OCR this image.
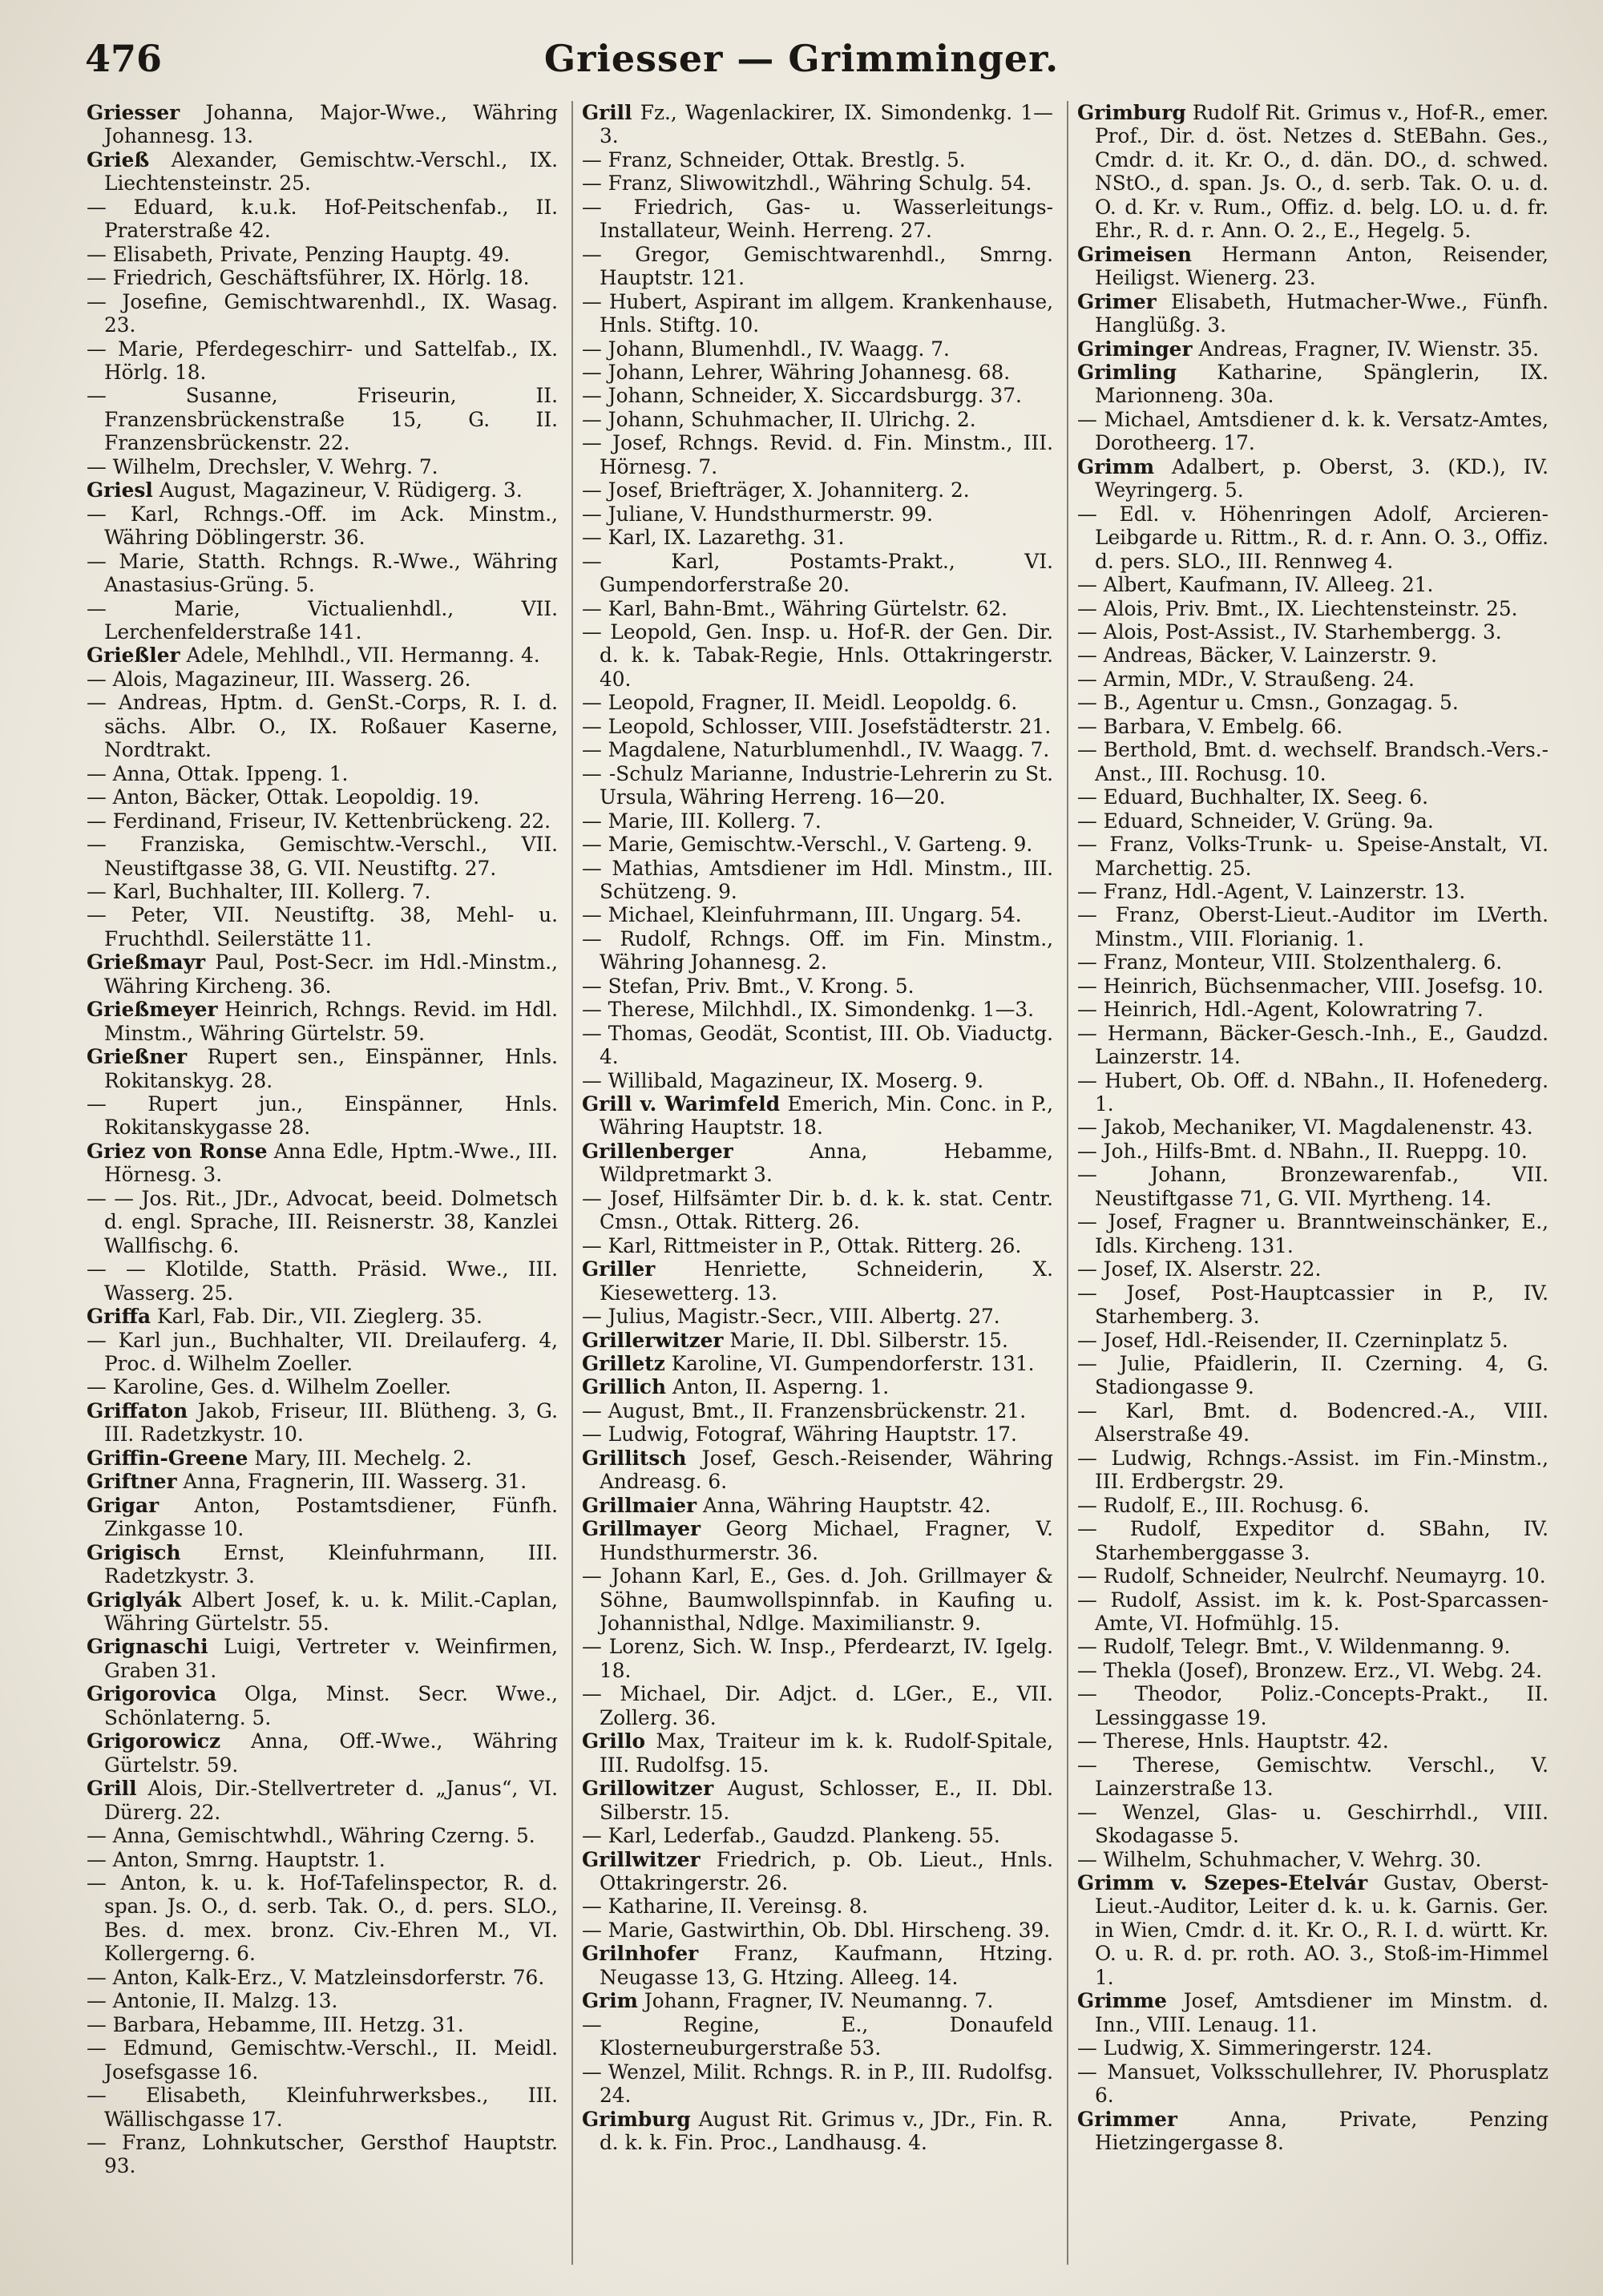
476	Griesser — Grimminger.

Griesser Johanna, Major-Wwe., Währing Johannesg. 13.

Grieß Alexander, Gemischtw.-Verschl., IX. Liechtensteinstr. 25.

— Eduard, k.u.k. Hof-Peitschenfab., II. Praterstraße 42.

— Elisabeth, Private, Penzing Hauptg. 49.

— Friedrich, Geschäftsführer, IX. Hörlg. 18.

— Josefine, Gemischtwarenhdl., IX. Wasag. 23.

— Marie, Pferdegeschirr- und Sattelfab., IX. Hörlg. 18.

— Susanne, Friseurin, II. Franzensbrückenstraße 15, G. II. Franzensbrückenstr. 22.

— Wilhelm, Drechsler, V. Wehrg. 7.

Griesl August, Magazineur, V. Rüdigerg. 3.

— Karl, Rchngs.-Off. im Ack. Minstm., Währing Döblingerstr. 36.

— Marie, Statth. Rchngs. R.-Wwe., Währing Anastasius-Grüng. 5.

— Marie, Victualienhdl., VII. Lerchenfelderstraße 141.

Grießler Adele, Mehlhdl., VII. Hermanng. 4.

— Alois, Magazineur, III. Wasserg. 26.

— Andreas, Hptm. d. GenSt.-Corps, R. I. d. sächs. Albr. O., IX. Roßauer Kaserne, Nordtrakt.

— Anna, Ottak. Ippeng. 1.

— Anton, Bäcker, Ottak. Leopoldig. 19.

— Ferdinand, Friseur, IV. Kettenbrückeng. 22.

— Franziska, Gemischtw.-Verschl., VII. Neustiftgasse 38, G. VII. Neustiftg. 27.

— Karl, Buchhalter, III. Kollerg. 7.

— Peter, VII. Neustiftg. 38, Mehl- u. Fruchthdl. Seilerstätte 11.

Grießmayr Paul, Post-Secr. im Hdl.-Minstm., Währing Kircheng. 36.

Grießmeyer Heinrich, Rchngs. Revid. im Hdl. Minstm., Währing Gürtelstr. 59.

Grießner Rupert sen., Einspänner, Hnls. Rokitanskyg. 28.

— Rupert jun., Einspänner, Hnls. Rokitanskygasse 28.

Griez von Ronse Anna Edle, Hptm.-Wwe., III. Hörnesg. 3.

— — Jos. Rit., JDr., Advocat, beeid. Dolmetsch d. engl. Sprache, III. Reisnerstr. 38, Kanzlei Wallfischg. 6.

— — Klotilde, Statth. Präsid. Wwe., III. Wasserg. 25.

Griffa Karl, Fab. Dir., VII. Zieglerg. 35.

— Karl jun., Buchhalter, VII. Dreilauferg. 4, Proc. d. Wilhelm Zoeller.

— Karoline, Ges. d. Wilhelm Zoeller.

Griffaton Jakob, Friseur, III. Blütheng. 3, G. III. Radetzkystr. 10.

Griffin-Greene Mary, III. Mechelg. 2.

Griftner Anna, Fragnerin, III. Wasserg. 31.

Grigar Anton, Postamtsdiener, Fünfh. Zinkgasse 10.

Grigisch Ernst, Kleinfuhrmann, III. Radetzkystr. 3.

Griglyák Albert Josef, k. u. k. Milit.-Caplan, Währing Gürtelstr. 55.

Grignaschi Luigi, Vertreter v. Weinfirmen, Graben 31.

Grigorovica Olga, Minst. Secr. Wwe., Schönlaterng. 5.

Grigorowicz Anna, Off.-Wwe., Währing Gürtelstr. 59.

Grill Alois, Dir.-Stellvertreter d. „Janus“, VI. Dürerg. 22.

— Anna, Gemischtwhdl., Währing Czerng. 5.

— Anton, Smrng. Hauptstr. 1.

— Anton, k. u. k. Hof-Tafelinspector, R. d. span. Js. O., d. serb. Tak. O., d. pers. SLO., Bes. d. mex. bronz. Civ.-Ehren M., VI. Kollergerng. 6.

— Anton, Kalk-Erz., V. Matzleinsdorferstr. 76.

— Antonie, II. Malzg. 13.

— Barbara, Hebamme, III. Hetzg. 31.

— Edmund, Gemischtw.-Verschl., II. Meidl. Josefsgasse 16.

— Elisabeth, Kleinfuhrwerksbes., III. Wällischgasse 17.

— Franz, Lohnkutscher, Gersthof Hauptstr. 93.

Grill Fz., Wagenlackirer, IX. Simondenkg. 1—3.

— Franz, Schneider, Ottak. Brestlg. 5.

— Franz, Sliwowitzhdl., Währing Schulg. 54.

— Friedrich, Gas- u. Wasserleitungs-Installateur, Weinh. Herreng. 27.

— Gregor, Gemischtwarenhdl., Smrng. Hauptstr. 121.

— Hubert, Aspirant im allgem. Krankenhause, Hnls. Stiftg. 10.

— Johann, Blumenhdl., IV. Waagg. 7.

— Johann, Lehrer, Währing Johannesg. 68.

— Johann, Schneider, X. Siccardsburgg. 37.

— Johann, Schuhmacher, II. Ulrichg. 2.

— Josef, Rchngs. Revid. d. Fin. Minstm., III. Hörnesg. 7.

— Josef, Briefträger, X. Johanniterg. 2.

— Juliane, V. Hundsthurmerstr. 99.

— Karl, IX. Lazarethg. 31.

— Karl, Postamts-Prakt., VI. Gumpendorferstraße 20.

— Karl, Bahn-Bmt., Währing Gürtelstr. 62.

— Leopold, Gen. Insp. u. Hof-R. der Gen. Dir. d. k. k. Tabak-Regie, Hnls. Ottakringerstr. 40.

— Leopold, Fragner, II. Meidl. Leopoldg. 6.

— Leopold, Schlosser, VIII. Josefstädterstr. 21.

— Magdalene, Naturblumenhdl., IV. Waagg. 7.

— -Schulz Marianne, Industrie-Lehrerin zu St. Ursula, Währing Herreng. 16—20.

— Marie, III. Kollerg. 7.

— Marie, Gemischtw.-Verschl., V. Garteng. 9.

— Mathias, Amtsdiener im Hdl. Minstm., III. Schützeng. 9.

— Michael, Kleinfuhrmann, III. Ungarg. 54.

— Rudolf, Rchngs. Off. im Fin. Minstm., Währing Johannesg. 2.

— Stefan, Priv. Bmt., V. Krong. 5.

— Therese, Milchhdl., IX. Simondenkg. 1—3.

— Thomas, Geodät, Scontist, III. Ob. Viaductg. 4.

— Willibald, Magazineur, IX. Moserg. 9.

Grill v. Warimfeld Emerich, Min. Conc. in P., Währing Hauptstr. 18.

Grillenberger	Anna, Hebamme, Wildpretmarkt 3.

— Josef, Hilfsämter Dir. b. d. k. k. stat. Centr. Cmsn., Ottak. Ritterg. 26.

— Karl, Rittmeister in P., Ottak. Ritterg. 26.

Griller Henriette, Schneiderin, X. Kiesewetterg. 13.

— Julius, Magistr.-Secr., VIII. Albertg. 27.

Grillerwitzer Marie, II. Dbl. Silberstr. 15.

Grilletz Karoline, VI. Gumpendorferstr. 131.

Grillich Anton, II. Asperng. 1.

— August, Bmt., II. Franzensbrückenstr. 21.

— Ludwig, Fotograf, Währing Hauptstr. 17.

Grillitsch Josef, Gesch.-Reisender, Währing Andreasg. 6.

Grillmaier Anna, Währing Hauptstr. 42.

Grillmayer Georg Michael, Fragner, V. Hundsthurmerstr. 36.

— Johann Karl, E., Ges. d. Joh. Grillmayer & Söhne, Baumwollspinnfab. in Kaufing u. Johannisthal, Ndlge. Maximilianstr. 9.

— Lorenz, Sich. W. Insp., Pferdearzt, IV. Igelg. 18.

— Michael, Dir. Adjct. d. LGer., E., VII. Zollerg. 36.

Grillo Max, Traiteur im k. k. Rudolf-Spitale, III. Rudolfsg. 15.

Grillowitzer August, Schlosser, E., II. Dbl. Silberstr. 15.

— Karl, Lederfab., Gaudzd. Plankeng. 55.

Grillwitzer Friedrich, p. Ob. Lieut., Hnls. Ottakringerstr. 26.

— Katharine, II. Vereinsg. 8.

— Marie, Gastwirthin, Ob. Dbl. Hirscheng. 39.

Grilnhofer Franz, Kaufmann, Htzing. Neugasse 13, G. Htzing. Alleeg. 14.

Grim Johann, Fragner, IV. Neumanng. 7.

— Regine, E., Donaufeld Klosterneuburgerstraße 53.

— Wenzel, Milit. Rchngs. R. in P., III. Rudolfsg. 24.

Grimburg August Rit. Grimus v., JDr., Fin. R. d. k. k. Fin. Proc., Landhausg. 4.

Grimburg Rudolf Rit. Grimus v., Hof-R., emer. Prof., Dir. d. öst. Netzes d. StEBahn. Ges., Cmdr. d. it. Kr. O., d. dän. DO., d. schwed. NStO., d. span. Js. O., d. serb. Tak. O. u. d. O. d. Kr. v. Rum., Offiz. d. belg. LO. u. d. fr. Ehr., R. d. r. Ann. O. 2., E., Hegelg. 5.

Grimeisen Hermann Anton, Reisender, Heiligst. Wienerg. 23.

Grimer Elisabeth, Hutmacher-Wwe., Fünfh. Hanglüßg. 3.

Griminger Andreas, Fragner, IV. Wienstr. 35.

Grimling Katharine, Spänglerin, IX. Marionneng. 30a.

— Michael, Amtsdiener d. k. k. Versatz-Amtes, Dorotheerg. 17.

Grimm Adalbert, p. Oberst, 3. (KD.), IV. Weyringerg. 5.

— Edl. v. Höhenringen Adolf, Arcieren-Leibgarde u. Rittm., R. d. r. Ann. O. 3., Offiz. d. pers. SLO., III. Rennweg 4.

— Albert, Kaufmann, IV. Alleeg. 21.

— Alois, Priv. Bmt., IX. Liechtensteinstr. 25.

— Alois, Post-Assist., IV. Starhembergg. 3.

— Andreas, Bäcker, V. Lainzerstr. 9.

— Armin, MDr., V. Straußeng. 24.

— B., Agentur u. Cmsn., Gonzagag. 5.

— Barbara, V. Embelg. 66.

— Berthold, Bmt. d. wechself. Brandsch.-Vers.-Anst., III. Rochusg. 10.

— Eduard, Buchhalter, IX. Seeg. 6.

— Eduard, Schneider, V. Grüng. 9a.

— Franz, Volks-Trunk- u. Speise-Anstalt, VI. Marchettig. 25.

— Franz, Hdl.-Agent, V. Lainzerstr. 13.

— Franz, Oberst-Lieut.-Auditor im LVerth. Minstm., VIII. Florianig. 1.

— Franz, Monteur, VIII. Stolzenthalerg. 6.

— Heinrich, Büchsenmacher, VIII. Josefsg. 10.

— Heinrich, Hdl.-Agent, Kolowratring 7.

— Hermann, Bäcker-Gesch.-Inh., E., Gaudzd. Lainzerstr. 14.

— Hubert, Ob. Off. d. NBahn., II. Hofenederg. 1.

— Jakob, Mechaniker, VI. Magdalenenstr. 43.

— Joh., Hilfs-Bmt. d. NBahn., II. Rueppg. 10.

— Johann, Bronzewarenfab., VII. Neustiftgasse 71, G. VII. Myrtheng. 14.

— Josef, Fragner u. Branntweinschänker, E., Idls. Kircheng. 131.

— Josef, IX. Alserstr. 22.

— Josef, Post-Hauptcassier in P., IV. Starhemberg. 3.

— Josef, Hdl.-Reisender, II. Czerninplatz 5.

— Julie, Pfaidlerin, II. Czerning. 4, G. Stadiongasse 9.

— Karl, Bmt. d. Bodencred.-A., VIII. Alserstraße 49.

— Ludwig, Rchngs.-Assist. im Fin.-Minstm., III. Erdbergstr. 29.

— Rudolf, E., III. Rochusg. 6.

— Rudolf, Expeditor d. SBahn, IV. Starhemberggasse 3.

— Rudolf, Schneider, Neulrchf. Neumayrg. 10.

— Rudolf, Assist. im k. k. Post-Sparcassen-Amte, VI. Hofmühlg. 15.

— Rudolf, Telegr. Bmt., V. Wildenmanng. 9.

— Thekla (Josef), Bronzew. Erz., VI. Webg. 24.

— Theodor, Poliz.-Concepts-Prakt., II. Lessinggasse 19.

— Therese, Hnls. Hauptstr. 42.

— Therese, Gemischtw. Verschl., V. Lainzerstraße 13.

— Wenzel, Glas- u. Geschirrhdl., VIII. Skodagasse 5.

— Wilhelm, Schuhmacher, V. Wehrg. 30.

Grimm v. Szepes-Etelvár Gustav, Oberst-Lieut.-Auditor, Leiter d. k. u. k. Garnis. Ger. in Wien, Cmdr. d. it. Kr. O., R. I. d. württ. Kr. O. u. R. d. pr. roth. AO. 3., Stoß-im-Himmel 1.

Grimme Josef, Amtsdiener im Minstm. d. Inn., VIII. Lenaug. 11.

— Ludwig, X. Simmeringerstr. 124.

— Mansuet, Volksschullehrer, IV. Phorusplatz 6.

Grimmer	Anna, Private, Penzing Hietzingergasse 8.
